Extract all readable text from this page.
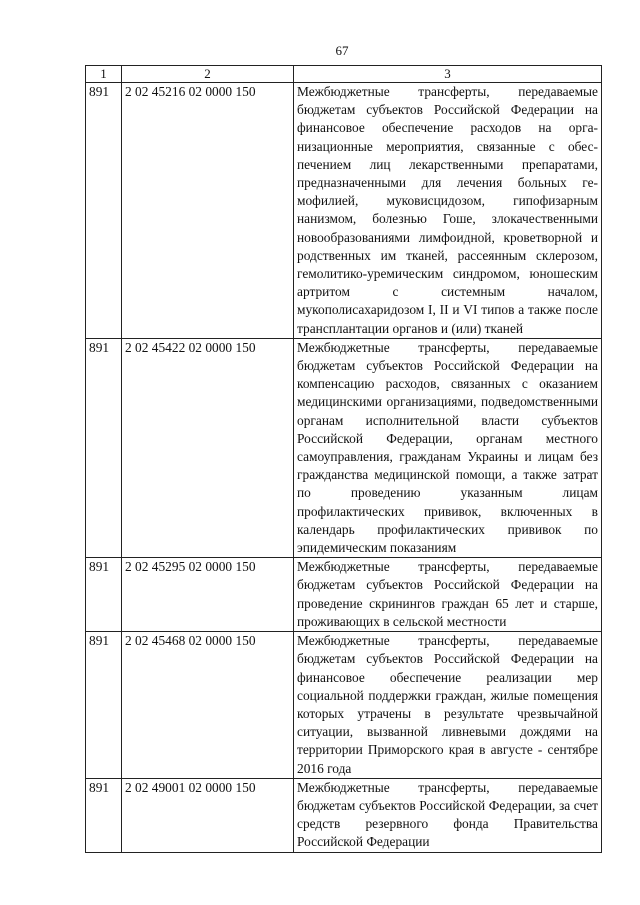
67
1	2	3
891	2 02 45216 02 0000 150	Межбюджетные трансферты, передаваемые бюджетам субъектов Российской Федерации на финансовое обеспечение расходов на организационные мероприятия, связанные с обеспечением лиц лекарственными препаратами, предназначенными для лечения больных гемофилией, муковисцидозом, гипофизарным нанизмом, болезнью Гоше, злокачественными новообразованиями лимфоидной, кроветворной и родственных им тканей, рассеянным склерозом, гемолитико-уремическим синдромом, юношеским артритом с системным началом, мукополисахаридозом I, II и VI типов а также после трансплантации органов и (или) тканей
891	2 02 45422 02 0000 150	Межбюджетные трансферты, передаваемые бюджетам субъектов Российской Федерации на компенсацию расходов, связанных с оказанием медицинскими организациями, подведомственными органам исполнительной власти субъектов Российской Федерации, органам местного самоуправления, гражданам Украины и лицам без гражданства медицинской помощи, а также затрат по проведению указанным лицам профилактических прививок, включенных в календарь профилактических прививок по эпидемическим показаниям
891	2 02 45295 02 0000 150	Межбюджетные трансферты, передаваемые бюджетам субъектов Российской Федерации на проведение скринингов граждан 65 лет и старше, проживающих в сельской местности
891	2 02 45468 02 0000 150	Межбюджетные трансферты, передаваемые бюджетам субъектов Российской Федерации на финансовое обеспечение реализации мер социальной поддержки граждан, жилые помещения которых утрачены в результате чрезвычайной ситуации, вызванной ливневыми дождями на территории Приморского края в августе - сентябре 2016 года
891	2 02 49001 02 0000 150	Межбюджетные трансферты, передаваемые бюджетам субъектов Российской Федерации, за счет средств резервного фонда Правительства Российской Федерации
